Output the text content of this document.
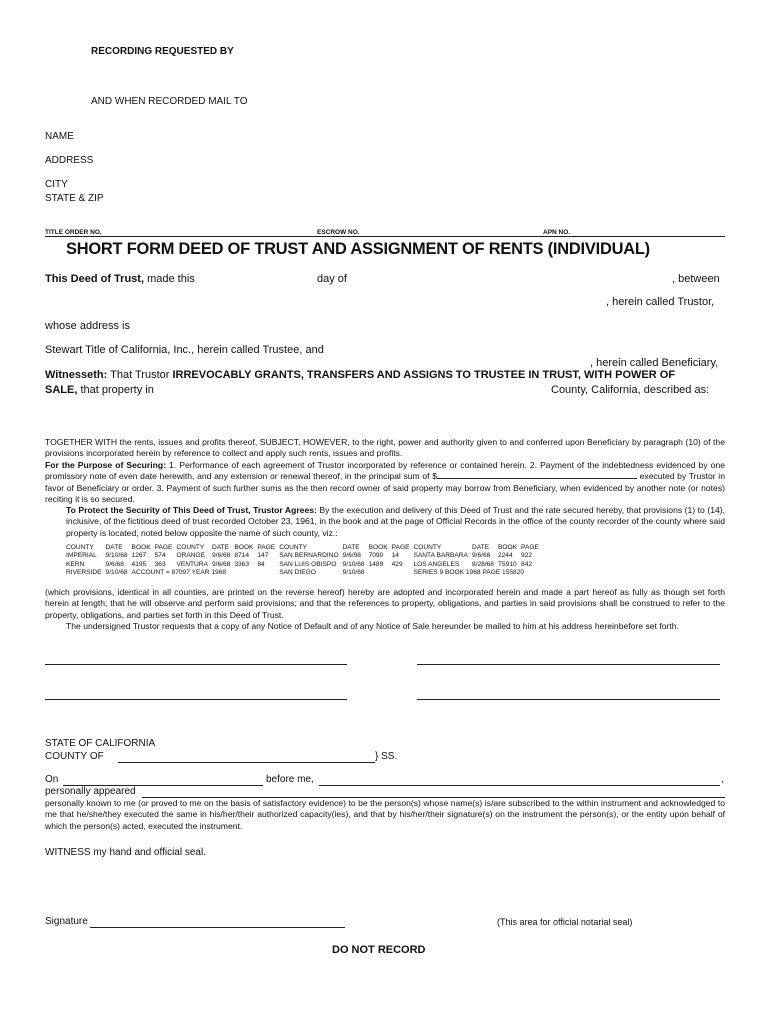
RECORDING REQUESTED BY
AND WHEN RECORDED MAIL TO
NAME
ADDRESS
CITY
STATE & ZIP
TITLE ORDER NO.	ESCROW NO.	APN NO.
SHORT FORM DEED OF TRUST AND ASSIGNMENT OF RENTS (INDIVIDUAL)
This Deed of Trust, made this	day of	, between
, herein called Trustor,
whose address is
Stewart Title of California, Inc., herein called Trustee, and
, herein called Beneficiary,
Witnesseth: That Trustor IRREVOCABLY GRANTS, TRANSFERS AND ASSIGNS TO TRUSTEE IN TRUST, WITH POWER OF
SALE, that property in	County, California, described as:
TOGETHER WITH the rents, issues and profits thereof, SUBJECT, HOWEVER, to the right, power and authority given to and conferred upon Beneficiary by paragraph (10) of the provisions incorporated herein by reference to collect and apply such rents, issues and profits.
For the Purpose of Securing: 1. Performance of each agreement of Trustor incorporated by reference or contained herein. 2. Payment of the indebtedness evidenced by one promissory note of even date herewith, and any extension or renewal thereof, in the principal sum of $	executed by Trustor in favor of Beneficiary or order. 3. Payment of such further sums as the then record owner of said property may borrow from Beneficiary, when evidenced by another note (or notes) reciting it is so secured.
To Protect the Security of This Deed of Trust, Trustor Agrees: By the execution and delivery of this Deed of Trust and the rate secured hereby, that provisions (1) to (14), inclusive, of the fictitious deed of trust recorded October 23, 1961, in the book and at the page of Official Records in the office of the county recorder of the county where said property is located, noted below opposite the name of such county, viz.:
COUNTY	DATE	BOOK	PAGE	COUNTY	DATE	BOOK	PAGE	COUNTY	DATE	BOOK	PAGE	COUNTY	DATE	BOOK	PAGE
IMPERIAL	9/10/68	1267	574	ORANGE	9/6/68	8714	147	SAN BERNARDINO	9/6/98	7090	14	SANTA BARBARA	9/6/68	2244	922
KERN	9/6/68	4195	363	VENTURA	9/6/68	3363	84	SAN LUIS OBISPO	9/10/68	1489	429	LOS ANGELES	8/28/68	T5910	842
RIVERSIDE	9/10/68	ACCOUNT = 87097 YEAR 1968						SAN DIEGO	9/10/68			SERIES 9 BOOK 1968 PAGE 155820			
(which provisions, identical in all counties, are printed on the reverse hereof) hereby are adopted and incorporated herein and made a part hereof as fully as though set forth herein at length; that he will observe and perform said provisions; and that the references to property, obligations, and parties in said provisions shall be construed to refer to the property, obligations, and parties set forth in this Deed of Trust.
The undersigned Trustor requests that a copy of any Notice of Default and of any Notice of Sale hereunder be mailed to him at his address hereinbefore set forth.
STATE OF CALIFORNIA
COUNTY OF	} SS.
On	before me,	,
personally appeared
personally known to me (or proved to me on the basis of satisfactory evidence) to be the person(s) whose name(s) is/are subscribed to the within instrument and acknowledged to me that he/she/they executed the same in his/her/their authorized capacity(ies), and that by his/her/their signature(s) on the instrument the person(s), or the entity upon behalf of which the person(s) acted, executed the instrument.
WITNESS my hand and official seal.
Signature	(This area for official notarial seal)
DO NOT RECORD
